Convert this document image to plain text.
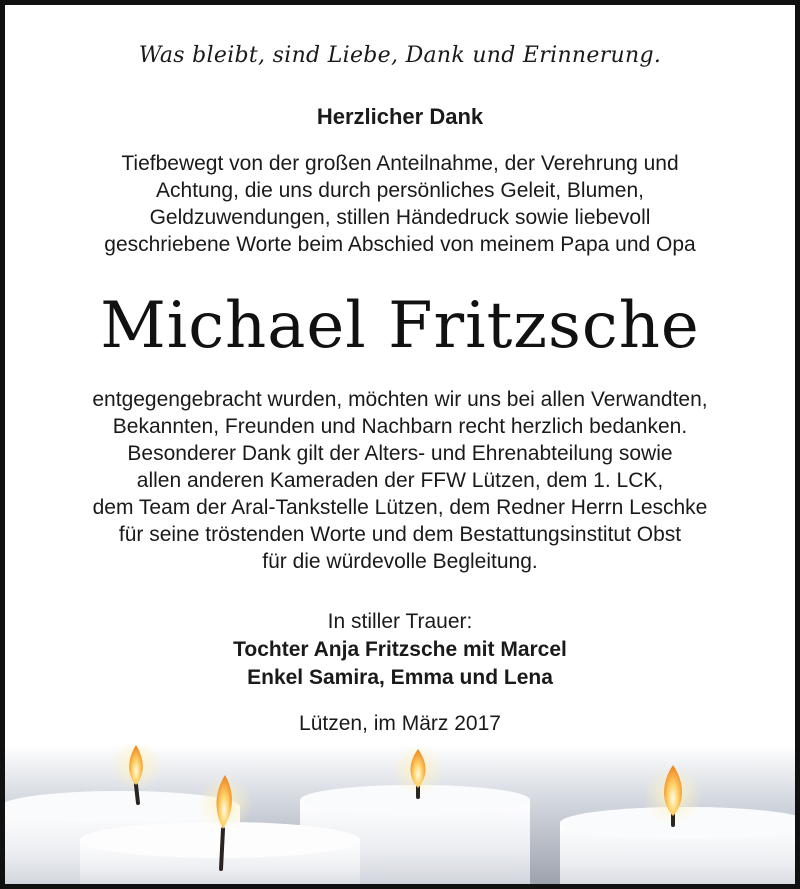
Was bleibt, sind Liebe, Dank und Erinnerung.
Herzlicher Dank
Tiefbewegt von der großen Anteilnahme, der Verehrung und
Achtung, die uns durch persönliches Geleit, Blumen,
Geldzuwendungen, stillen Händedruck sowie liebevoll
geschriebene Worte beim Abschied von meinem Papa und Opa
Michael Fritzsche
entgegengebracht wurden, möchten wir uns bei allen Verwandten,
Bekannten, Freunden und Nachbarn recht herzlich bedanken.
Besonderer Dank gilt der Alters- und Ehrenabteilung sowie
allen anderen Kameraden der FFW Lützen, dem 1. LCK,
dem Team der Aral-Tankstelle Lützen, dem Redner Herrn Leschke
für seine tröstenden Worte und dem Bestattungsinstitut Obst
für die würdevolle Begleitung.
In stiller Trauer:
Tochter Anja Fritzsche mit Marcel
Enkel Samira, Emma und Lena
Lützen, im März 2017
